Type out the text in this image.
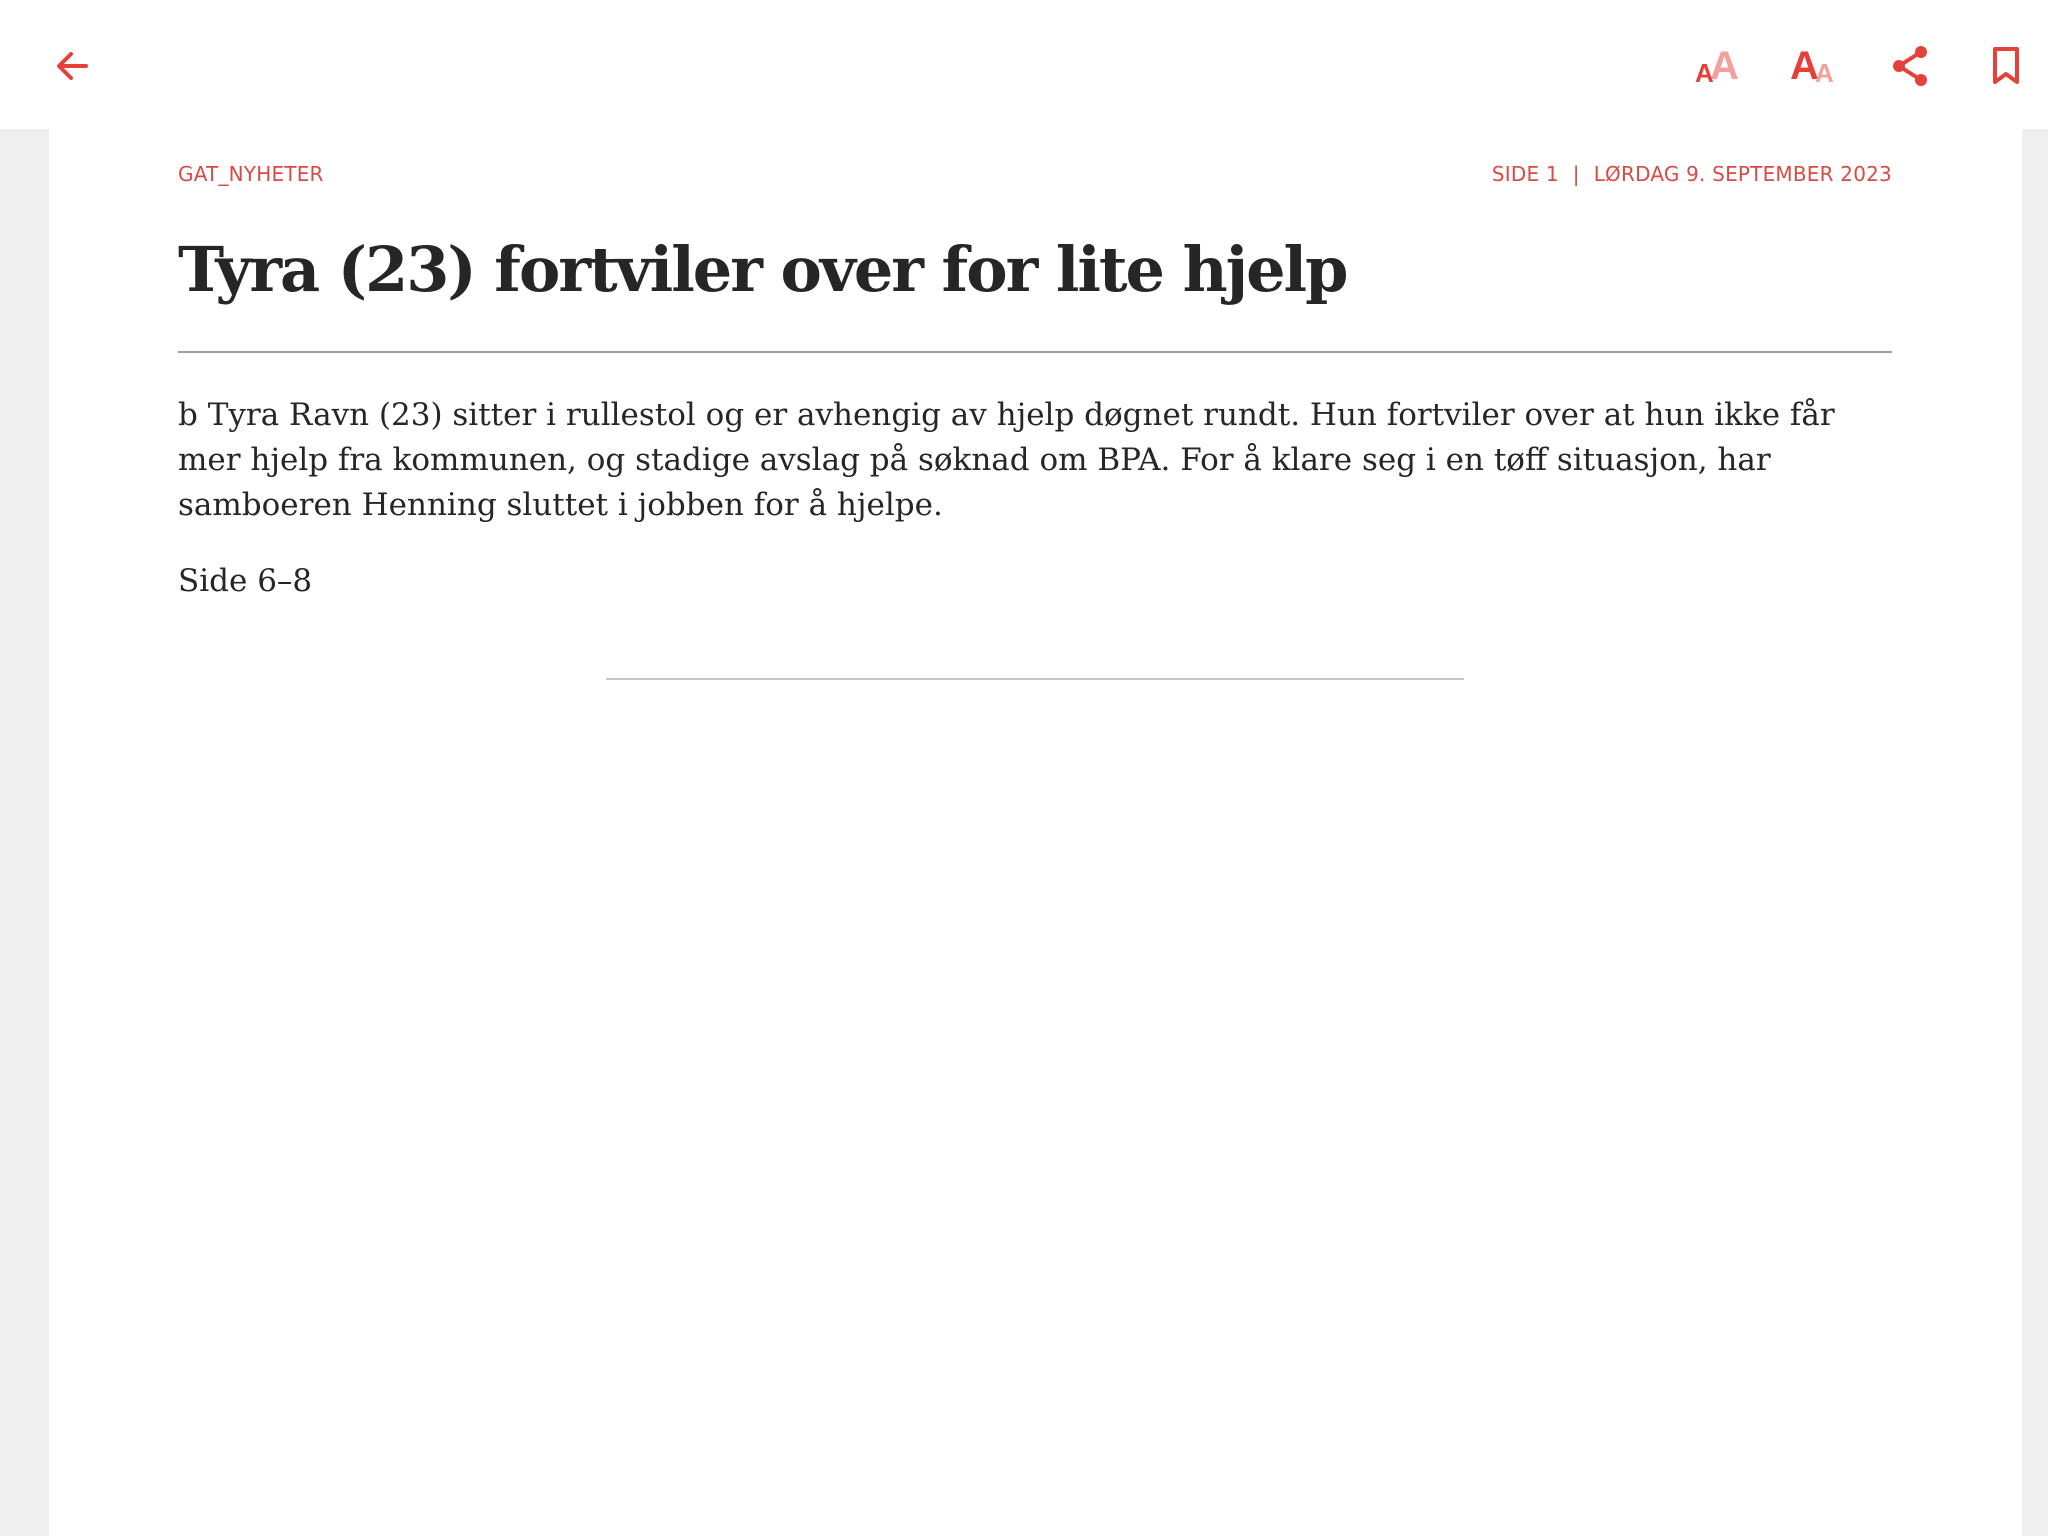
A
A A
A
GAT_NYHETER	SIDE 1 | LØRDAG 9. SEPTEMBER 2023
Tyra (23) fortviler over for lite hjelp

b Tyra Ravn (23) sitter i rullestol og er avhengig av hjelp døgnet rundt. Hun fortviler over at hun ikke får mer hjelp fra kommunen, og stadige avslag på søknad om BPA. For å klare seg i en tøff situasjon, har samboeren Henning sluttet i jobben for å hjelpe.

Side 6–8
